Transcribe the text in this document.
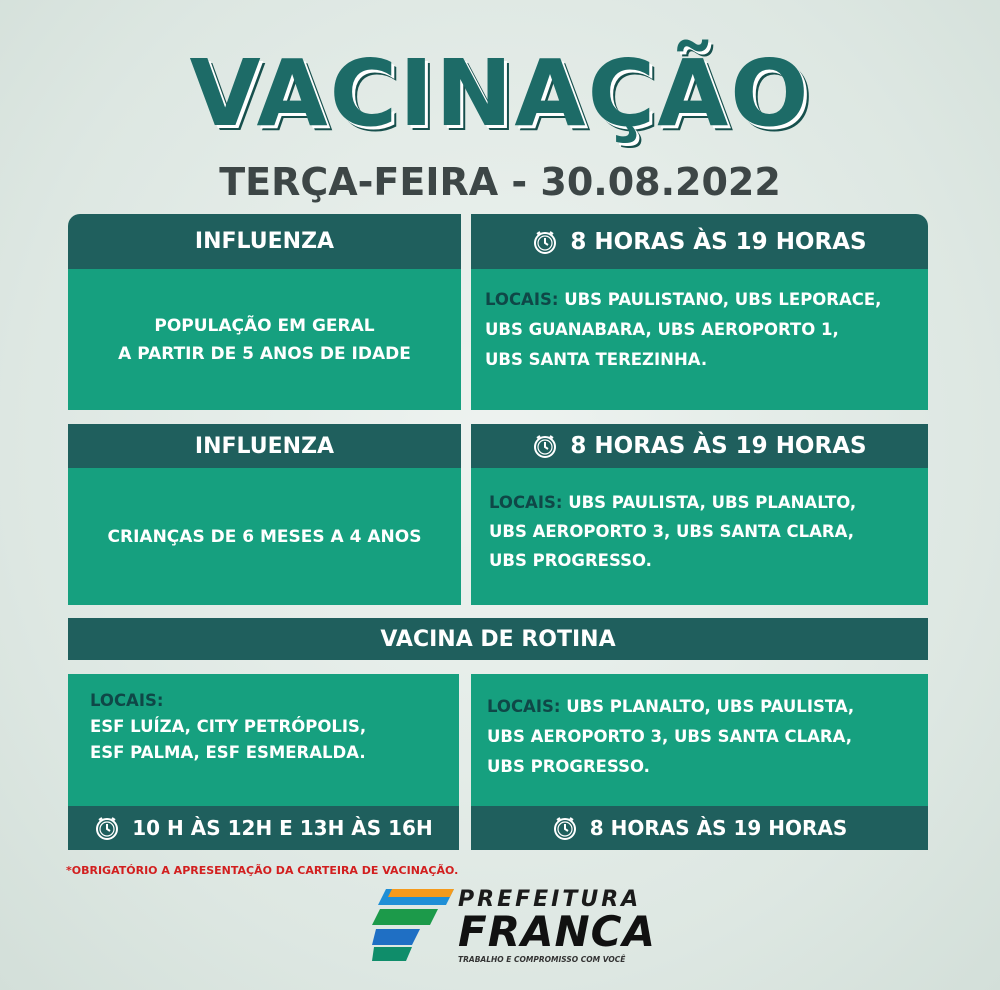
VACINAÇÃO
TERÇA-FEIRA - 30.08.2022
INFLUENZA	8 HORAS ÀS 19 HORAS
POPULAÇÃO EM GERAL
A PARTIR DE 5 ANOS DE IDADE
LOCAIS: UBS PAULISTANO, UBS LEPORACE,
UBS GUANABARA, UBS AEROPORTO 1,
UBS SANTA TEREZINHA.
INFLUENZA	8 HORAS ÀS 19 HORAS
CRIANÇAS DE 6 MESES A 4 ANOS
LOCAIS: UBS PAULISTA, UBS PLANALTO,
UBS AEROPORTO 3, UBS SANTA CLARA,
UBS PROGRESSO.
VACINA DE ROTINA
LOCAIS:
ESF LUÍZA, CITY PETRÓPOLIS,
ESF PALMA, ESF ESMERALDA.
10 H ÀS 12H E 13H ÀS 16H
LOCAIS: UBS PLANALTO, UBS PAULISTA,
UBS AEROPORTO 3, UBS SANTA CLARA,
UBS PROGRESSO.
8 HORAS ÀS 19 HORAS
*OBRIGATÓRIO A APRESENTAÇÃO DA CARTEIRA DE VACINAÇÃO.
PREFEITURA
FRANCA
TRABALHO E COMPROMISSO COM VOCÊ
